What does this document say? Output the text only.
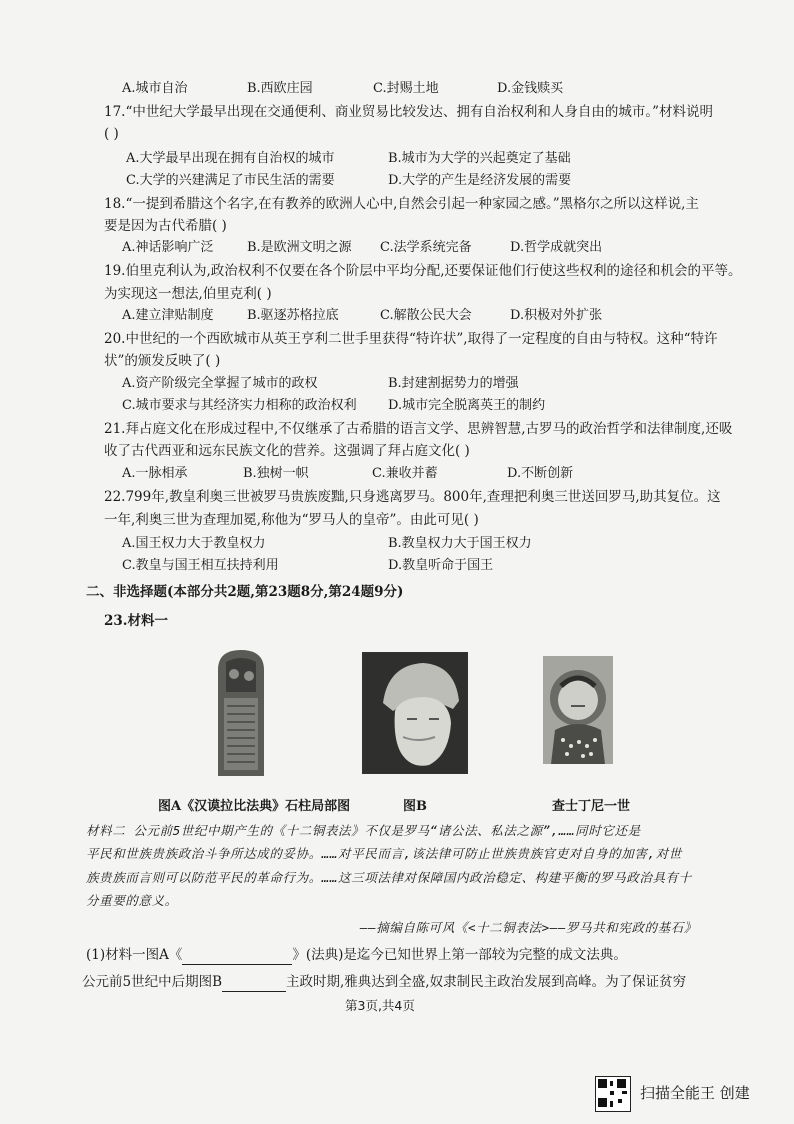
A.城市自治	B.西欧庄园	C.封赐土地	D.金钱赎买
17.“中世纪大学最早出现在交通便利、商业贸易比较发达、拥有自治权利和人身自由的城市。”材料说明
( )
A.大学最早出现在拥有自治权的城市	B.城市为大学的兴起奠定了基础
C.大学的兴建满足了市民生活的需要	D.大学的产生是经济发展的需要
18.“一提到希腊这个名字,在有教养的欧洲人心中,自然会引起一种家园之感。”黑格尔之所以这样说,主
要是因为古代希腊( )
A.神话影响广泛	B.是欧洲文明之源 C.法学系统完备	D.哲学成就突出
19.伯里克利认为,政治权利不仅要在各个阶层中平均分配,还要保证他们行使这些权利的途径和机会的平等。
为实现这一想法,伯里克利( )
A.建立津贴制度	B.驱逐苏格拉底	C.解散公民大会	D.积极对外扩张
20.中世纪的一个西欧城市从英王亨利二世手里获得“特许状”,取得了一定程度的自由与特权。这种“特许
状”的颁发反映了( )
A.资产阶级完全掌握了城市的政权	B.封建割据势力的增强
C.城市要求与其经济实力相称的政治权利 D.城市完全脱离英王的制约
21.拜占庭文化在形成过程中,不仅继承了古希腊的语言文学、思辨智慧,古罗马的政治哲学和法律制度,还吸
收了古代西亚和远东民族文化的营养。这强调了拜占庭文化( )
A.一脉相承	B.独树一帜	C.兼收并蓄	D.不断创新
22.799年,教皇利奥三世被罗马贵族废黜,只身逃离罗马。800年,查理把利奥三世送回罗马,助其复位。这
一年,利奥三世为查理加冕,称他为“罗马人的皇帝”。由此可见( )
A.国王权力大于教皇权力	B.教皇权力大于国王权力
C.教皇与国王相互扶持利用	D.教皇听命于国王
二、非选择题(本部分共2题,第23题8分,第24题9分)
23.材料一
图A《汉谟拉比法典》石柱局部图	图B	查士丁尼一世
材料二 公元前5世纪中期产生的《十二铜表法》不仅是罗马“诸公法、私法之源”,……同时它还是
平民和世族贵族政治斗争所达成的妥协。……对平民而言,该法律可防止世族贵族官吏对自身的加害,对世
族贵族而言则可以防范平民的革命行为。……这三项法律对保障国内政治稳定、构建平衡的罗马政治具有十
分重要的意义。
——摘编自陈可风《<十二铜表法>——罗马共和宪政的基石》
(1)材料一图A《	》(法典)是迄今已知世界上第一部较为完整的成文法典。
公元前5世纪中后期图B	主政时期,雅典达到全盛,奴隶制民主政治发展到高峰。为了保证贫穷
第3页,共4页
扫描全能王 创建
